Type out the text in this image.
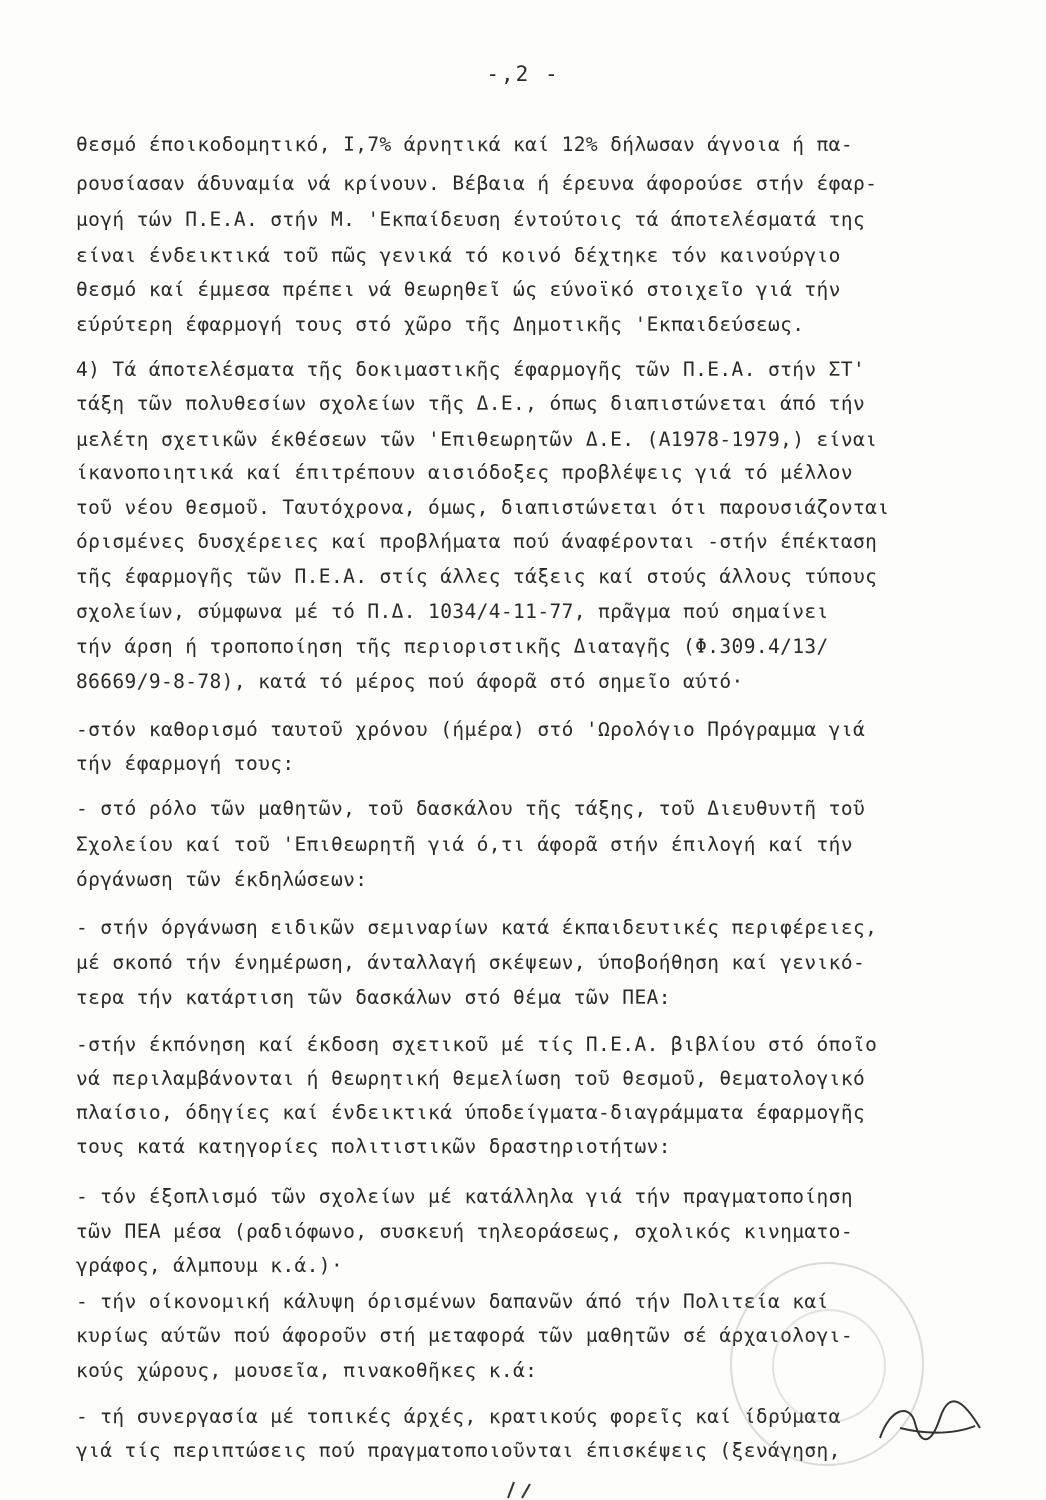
-,2 -
θεσμό έποικοδομητικό, Ι,7% άρνητικά καί 12% δήλωσαν άγνοια ή πα-
ρουσίασαν άδυναμία νά κρίνουν. Βέβαια ή έρευνα άφορούσε στήν έφαρ-
μογή τών Π.Ε.Α. στήν Μ. 'Εκπαίδευση έντούτοις τά άποτελέσματά της
είναι ένδεικτικά τοῦ πῶς γενικά τό κοινό δέχτηκε τόν καινούργιο
θεσμό καί έμμεσα πρέπει νά θεωρηθεῖ ώς εύνοϊκό στοιχεῖο γιά τήν
εύρύτερη έφαρμογή τους στό χῶρο τῆς Δημοτικῆς 'Εκπαιδεύσεως.
4) Τά άποτελέσματα τῆς δοκιμαστικῆς έφαρμογῆς τῶν Π.Ε.Α. στήν ΣΤ'
τάξη τῶν πολυθεσίων σχολείων τῆς Δ.Ε., όπως διαπιστώνεται άπό τήν
μελέτη σχετικῶν έκθέσεων τῶν 'Επιθεωρητῶν Δ.Ε. (Α1978-1979,) είναι
ίκανοποιητικά καί έπιτρέπουν αισιόδοξες προβλέψεις γιά τό μέλλον
τοῦ νέου θεσμοῦ. Ταυτόχρονα, όμως, διαπιστώνεται ότι παρουσιάζονται
όρισμένες δυσχέρειες καί προβλήματα πού άναφέρονται -στήν έπέκταση
τῆς έφαρμογῆς τῶν Π.Ε.Α. στίς άλλες τάξεις καί στούς άλλους τύπους
σχολείων, σύμφωνα μέ τό Π.Δ. 1034/4-11-77, πρᾶγμα πού σημαίνει
τήν άρση ή τροποποίηση τῆς περιοριστικῆς Διαταγῆς (Φ.309.4/13/
86669/9-8-78), κατά τό μέρος πού άφορᾶ στό σημεῖο αύτό·
-στόν καθορισμό ταυτοῦ χρόνου (ήμέρα) στό 'Ωρολόγιο Πρόγραμμα γιά
τήν έφαρμογή τους:
- στό ρόλο τῶν μαθητῶν, τοῦ δασκάλου τῆς τάξης, τοῦ Διευθυντῆ τοῦ
Σχολείου καί τοῦ 'Επιθεωρητῆ γιά ό,τι άφορᾶ στήν έπιλογή καί τήν
όργάνωση τῶν έκδηλώσεων:
- στήν όργάνωση ειδικῶν σεμιναρίων κατά έκπαιδευτικές περιφέρειες,
μέ σκοπό τήν ένημέρωση, άνταλλαγή σκέψεων, ύποβοήθηση καί γενικό-
τερα τήν κατάρτιση τῶν δασκάλων στό θέμα τῶν ΠΕΑ:
-στήν έκπόνηση καί έκδοση σχετικοῦ μέ τίς Π.Ε.Α. βιβλίου στό όποῖο
νά περιλαμβάνονται ή θεωρητική θεμελίωση τοῦ θεσμοῦ, θεματολογικό
πλαίσιο, όδηγίες καί ένδεικτικά ύποδείγματα-διαγράμματα έφαρμογῆς
τους κατά κατηγορίες πολιτιστικῶν δραστηριοτήτων:
- τόν έξοπλισμό τῶν σχολείων μέ κατάλληλα γιά τήν πραγματοποίηση
τῶν ΠΕΑ μέσα (ραδιόφωνο, συσκευή τηλεοράσεως, σχολικός κινηματο-
γράφος, άλμπουμ κ.ά.)·
- τήν οίκονομική κάλυψη όρισμένων δαπανῶν άπό τήν Πολιτεία καί
κυρίως αύτῶν πού άφοροῦν στή μεταφορά τῶν μαθητῶν σέ άρχαιολογι-
κούς χώρους, μουσεῖα, πινακοθῆκες κ.ά:
- τή συνεργασία μέ τοπικές άρχές, κρατικούς φορεῖς καί ίδρύματα
γιά τίς περιπτώσεις πού πραγματοποιοῦνται έπισκέψεις (ξενάγηση,
